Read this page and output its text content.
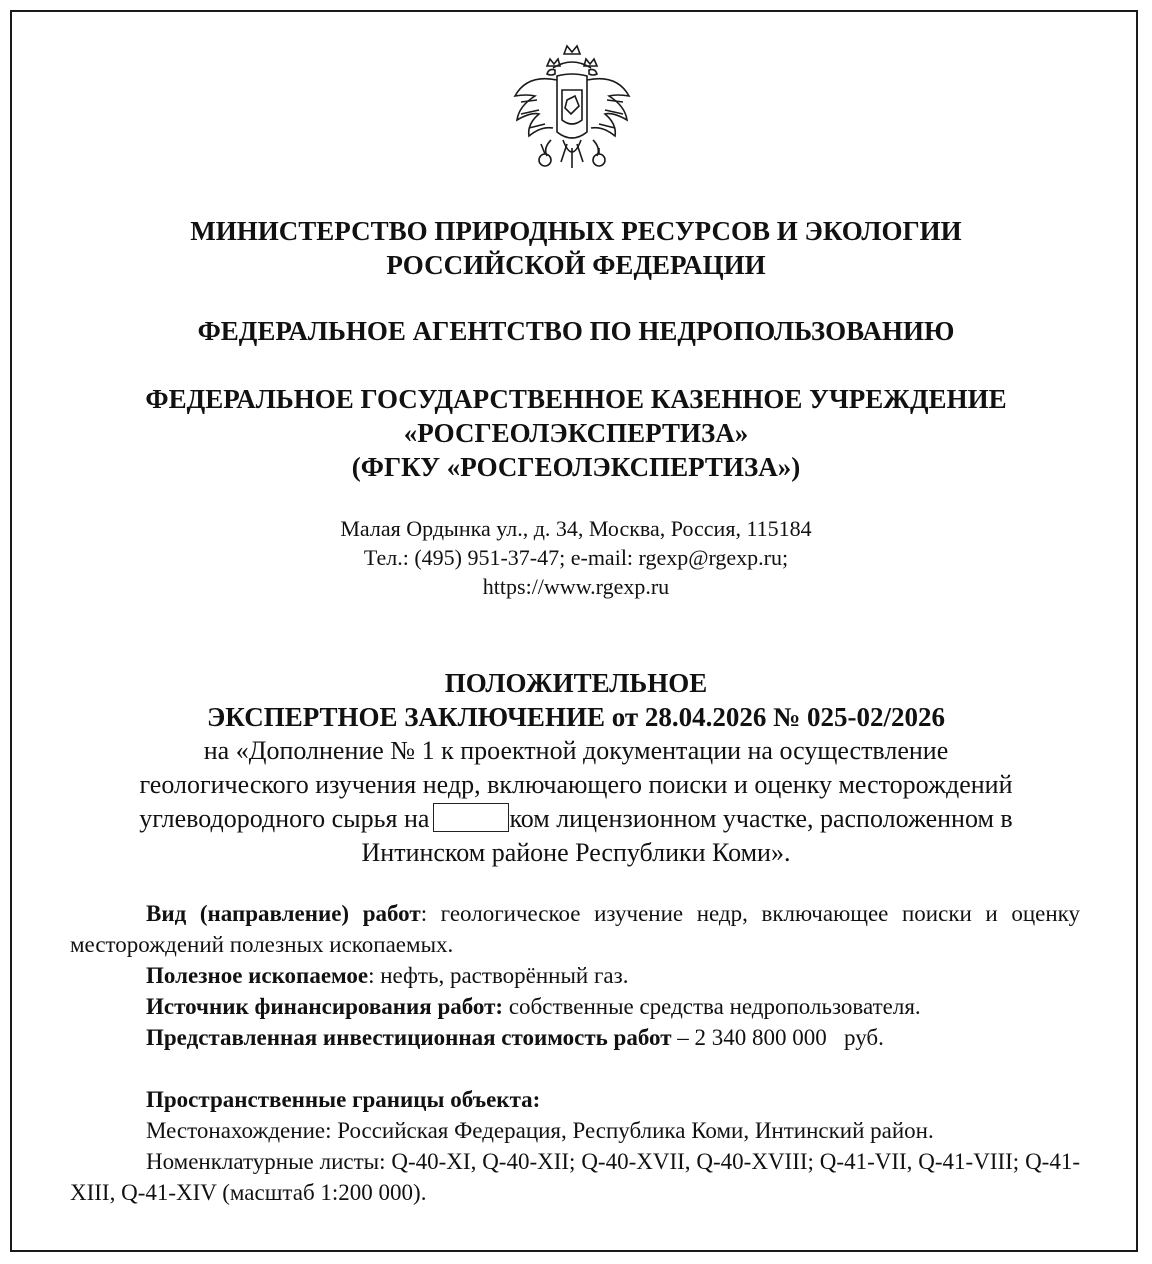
МИНИСТЕРСТВО ПРИРОДНЫХ РЕСУРСОВ И ЭКОЛОГИИ
РОССИЙСКОЙ ФЕДЕРАЦИИ
ФЕДЕРАЛЬНОЕ АГЕНТСТВО ПО НЕДРОПОЛЬЗОВАНИЮ
ФЕДЕРАЛЬНОЕ ГОСУДАРСТВЕННОЕ КАЗЕННОЕ УЧРЕЖДЕНИЕ
«РОСГЕОЛЭКСПЕРТИЗА»
(ФГКУ «РОСГЕОЛЭКСПЕРТИЗА»)
Малая Ордынка ул., д. 34, Москва, Россия, 115184
Тел.: (495) 951-37-47; e-mail: rgexp@rgexp.ru;
https://www.rgexp.ru
ПОЛОЖИТЕЛЬНОЕ
ЭКСПЕРТНОЕ ЗАКЛЮЧЕНИЕ от 28.04.2026 № 025-02/2026
на «Дополнение № 1 к проектной документации на осуществление
геологического изучения недр, включающего поиски и оценку месторождений
углеводородного сырья на	ком лицензионном участке, расположенном в
Интинском районе Республики Коми».

Вид (направление) работ: геологическое изучение недр, включающее поиски и оценку месторождений полезных ископаемых.

Полезное ископаемое: нефть, растворённый газ.

Источник финансирования работ: собственные средства недропользователя.

Представленная инвестиционная стоимость работ – 2 340 800 000   руб.

Пространственные границы объекта:

Местонахождение: Российская Федерация, Республика Коми, Интинский район.

Номенклатурные листы: Q-40-XI, Q-40-XII; Q-40-XVII, Q-40-XVIII; Q-41-VII, Q-41-VIII; Q-41-XIII, Q-41-XIV (масштаб 1:200 000).
